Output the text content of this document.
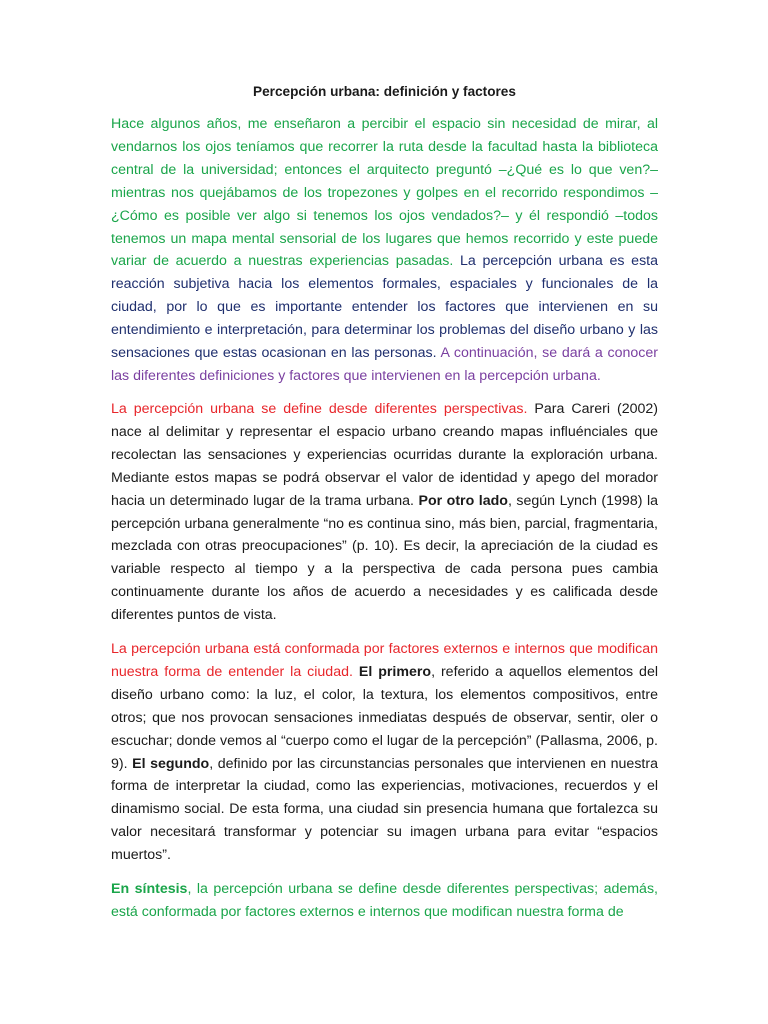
Percepción urbana: definición y factores

Hace algunos años, me enseñaron a percibir el espacio sin necesidad de mirar, al vendarnos los ojos teníamos que recorrer la ruta desde la facultad hasta la biblioteca central de la universidad; entonces el arquitecto preguntó –¿Qué es lo que ven?– mientras nos quejábamos de los tropezones y golpes en el recorrido respondimos –¿Cómo es posible ver algo si tenemos los ojos vendados?– y él respondió –todos tenemos un mapa mental sensorial de los lugares que hemos recorrido y este puede variar de acuerdo a nuestras experiencias pasadas. La percepción urbana es esta reacción subjetiva hacia los elementos formales, espaciales y funcionales de la ciudad, por lo que es importante entender los factores que intervienen en su entendimiento e interpretación, para determinar los problemas del diseño urbano y las sensaciones que estas ocasionan en las personas. A continuación, se dará a conocer las diferentes definiciones y factores que intervienen en la percepción urbana.

La percepción urbana se define desde diferentes perspectivas. Para Careri (2002) nace al delimitar y representar el espacio urbano creando mapas influénciales que recolectan las sensaciones y experiencias ocurridas durante la exploración urbana. Mediante estos mapas se podrá observar el valor de identidad y apego del morador hacia un determinado lugar de la trama urbana. Por otro lado, según Lynch (1998) la percepción urbana generalmente “no es continua sino, más bien, parcial, fragmentaria, mezclada con otras preocupaciones” (p. 10). Es decir, la apreciación de la ciudad es variable respecto al tiempo y a la perspectiva de cada persona pues cambia continuamente durante los años de acuerdo a necesidades y es calificada desde diferentes puntos de vista.

La percepción urbana está conformada por factores externos e internos que modifican nuestra forma de entender la ciudad. El primero, referido a aquellos elementos del diseño urbano como: la luz, el color, la textura, los elementos compositivos, entre otros; que nos provocan sensaciones inmediatas después de observar, sentir, oler o escuchar; donde vemos al “cuerpo como el lugar de la percepción” (Pallasma, 2006, p. 9). El segundo, definido por las circunstancias personales que intervienen en nuestra forma de interpretar la ciudad, como las experiencias, motivaciones, recuerdos y el dinamismo social. De esta forma, una ciudad sin presencia humana que fortalezca su valor necesitará transformar y potenciar su imagen urbana para evitar “espacios muertos”.

En síntesis, la percepción urbana se define desde diferentes perspectivas; además, está conformada por factores externos e internos que modifican nuestra forma de
